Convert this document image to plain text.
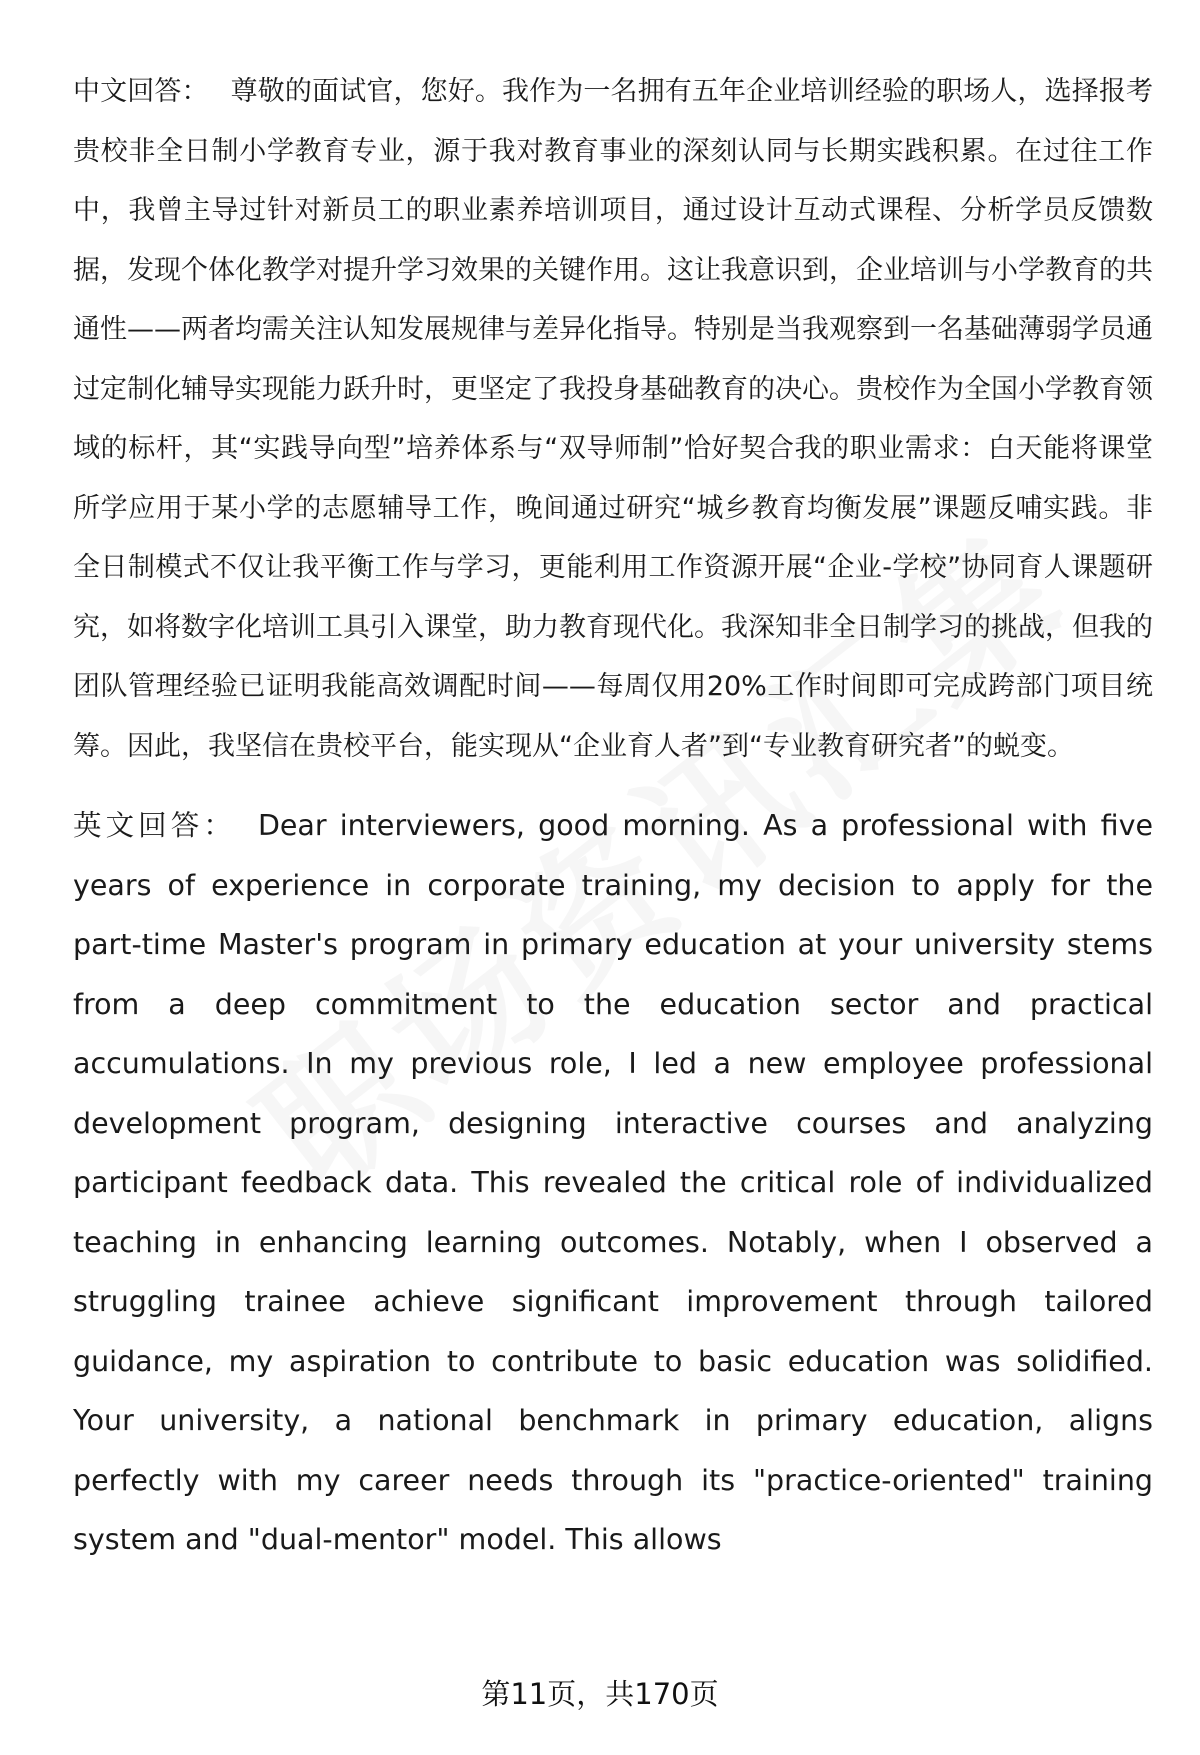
中文回答： 尊敬的面试官，您好。我作为一名拥有五年企业培训经验的职场人，选择报考贵校非全日制小学教育专业，源于我对教育事业的深刻认同与长期实践积累。在过往工作中，我曾主导过针对新员工的职业素养培训项目，通过设计互动式课程、分析学员反馈数据，发现个体化教学对提升学习效果的关键作用。这让我意识到，企业培训与小学教育的共通性——两者均需关注认知发展规律与差异化指导。特别是当我观察到一名基础薄弱学员通过定制化辅导实现能力跃升时，更坚定了我投身基础教育的决心。贵校作为全国小学教育领域的标杆，其“实践导向型”培养体系与“双导师制”恰好契合我的职业需求：白天能将课堂所学应用于某小学的志愿辅导工作，晚间通过研究“城乡教育均衡发展”课题反哺实践。非全日制模式不仅让我平衡工作与学习，更能利用工作资源开展“企业-学校”协同育人课题研究，如将数字化培训工具引入课堂，助力教育现代化。我深知非全日制学习的挑战，但我的团队管理经验已证明我能高效调配时间——每周仅用20%工作时间即可完成跨部门项目统筹。因此，我坚信在贵校平台，能实现从“企业育人者”到“专业教育研究者”的蜕变。

英文回答： Dear interviewers, good morning. As a professional with five years of experience in corporate training, my decision to apply for the part-time Master's program in primary education at your university stems from a deep commitment to the education sector and practical accumulations. In my previous role, I led a new employee professional development program, designing interactive courses and analyzing participant feedback data. This revealed the critical role of individualized teaching in enhancing learning outcomes. Notably, when I observed a struggling trainee achieve significant improvement through tailored guidance, my aspiration to contribute to basic education was solidified. Your university, a national benchmark in primary education, aligns perfectly with my career needs through its "practice-oriented" training system and "dual-mentor" model. This allows

第11页，共170页
